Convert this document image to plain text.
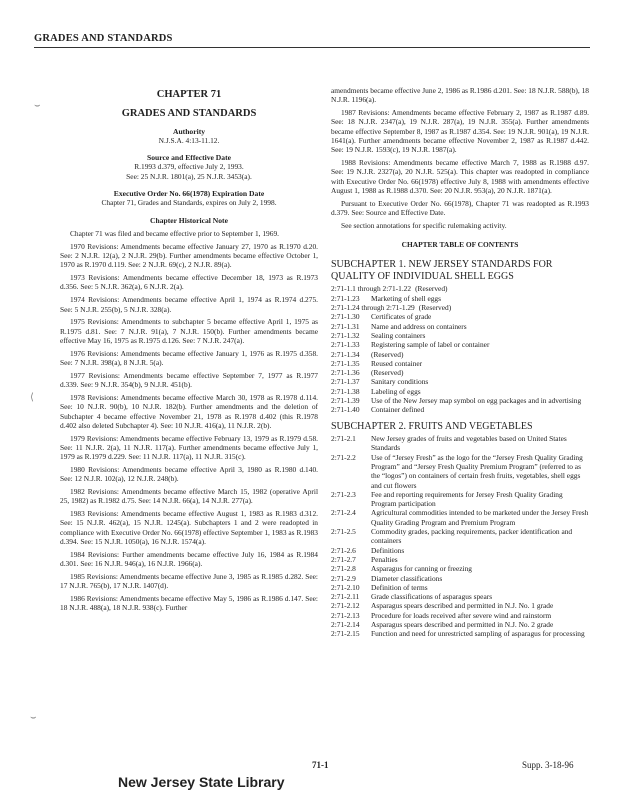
GRADES AND STANDARDS
⌣
⟨
⌣
CHAPTER 71
GRADES AND STANDARDS
Authority
N.J.S.A. 4:13-11.12.
Source and Effective Date
R.1993 d.379, effective July 2, 1993.
See: 25 N.J.R. 1801(a), 25 N.J.R. 3453(a).
Executive Order No. 66(1978) Expiration Date
Chapter 71, Grades and Standards, expires on July 2, 1998.
Chapter Historical Note
Chapter 71 was filed and became effective prior to September 1, 1969.
1970 Revisions: Amendments became effective January 27, 1970 as R.1970 d.20. See: 2 N.J.R. 12(a), 2 N.J.R. 29(b). Further amendments became effective October 1, 1970 as R.1970 d.119. See: 2 N.J.R. 69(c), 2 N.J.R. 89(a).
1973 Revisions: Amendments became effective December 18, 1973 as R.1973 d.356. See: 5 N.J.R. 362(a), 6 N.J.R. 2(a).
1974 Revisions: Amendments became effective April 1, 1974 as R.1974 d.275. See: 5 N.J.R. 255(b), 5 N.J.R. 328(a).
1975 Revisions: Amendments to subchapter 5 became effective April 1, 1975 as R.1975 d.81. See: 7 N.J.R. 91(a), 7 N.J.R. 150(b). Further amendments became effective May 16, 1975 as R.1975 d.126. See: 7 N.J.R. 247(a).
1976 Revisions: Amendments became effective January 1, 1976 as R.1975 d.358. See: 7 N.J.R. 398(a), 8 N.J.R. 5(a).
1977 Revisions: Amendments became effective September 7, 1977 as R.1977 d.339. See: 9 N.J.R. 354(b), 9 N.J.R. 451(b).
1978 Revisions: Amendments became effective March 30, 1978 as R.1978 d.114. See: 10 N.J.R. 90(b), 10 N.J.R. 182(b). Further amendments and the deletion of Subchapter 4 became effective November 21, 1978 as R.1978 d.402 (this R.1978 d.402 also deleted Subchapter 4). See: 10 N.J.R. 416(a), 11 N.J.R. 2(b).
1979 Revisions: Amendments became effective February 13, 1979 as R.1979 d.58. See: 11 N.J.R. 2(a), 11 N.J.R. 117(a). Further amendments became effective July 1, 1979 as R.1979 d.229. See: 11 N.J.R. 117(a), 11 N.J.R. 315(c).
1980 Revisions: Amendments became effective April 3, 1980 as R.1980 d.140. See: 12 N.J.R. 102(a), 12 N.J.R. 248(b).
1982 Revisions: Amendments became effective March 15, 1982 (operative April 25, 1982) as R.1982 d.75. See: 14 N.J.R. 66(a), 14 N.J.R. 277(a).
1983 Revisions: Amendments became effective August 1, 1983 as R.1983 d.312. See: 15 N.J.R. 462(a), 15 N.J.R. 1245(a). Subchapters 1 and 2 were readopted in compliance with Executive Order No. 66(1978) effective September 1, 1983 as R.1983 d.394. See: 15 N.J.R. 1050(a), 16 N.J.R. 1574(a).
1984 Revisions: Further amendments became effective July 16, 1984 as R.1984 d.301. See: 16 N.J.R. 946(a), 16 N.J.R. 1966(a).
1985 Revisions: Amendments became effective June 3, 1985 as R.1985 d.282. See: 17 N.J.R. 765(b), 17 N.J.R. 1407(d).
1986 Revisions: Amendments became effective May 5, 1986 as R.1986 d.147. See: 18 N.J.R. 488(a), 18 N.J.R. 938(c). Further
amendments became effective June 2, 1986 as R.1986 d.201. See: 18 N.J.R. 588(b), 18 N.J.R. 1196(a).
1987 Revisions: Amendments became effective February 2, 1987 as R.1987 d.89. See: 18 N.J.R. 2347(a), 19 N.J.R. 287(a), 19 N.J.R. 355(a). Further amendments became effective September 8, 1987 as R.1987 d.354. See: 19 N.J.R. 901(a), 19 N.J.R. 1641(a). Further amendments became effective November 2, 1987 as R.1987 d.442. See: 19 N.J.R. 1593(c), 19 N.J.R. 1987(a).
1988 Revisions: Amendments became effective March 7, 1988 as R.1988 d.97. See: 19 N.J.R. 2327(a), 20 N.J.R. 525(a). This chapter was readopted in compliance with Executive Order No. 66(1978) effective July 8, 1988 with amendments effective August 1, 1988 as R.1988 d.370. See: 20 N.J.R. 953(a), 20 N.J.R. 1871(a).
Pursuant to Executive Order No. 66(1978), Chapter 71 was readopted as R.1993 d.379. See: Source and Effective Date.
See section annotations for specific rulemaking activity.
CHAPTER TABLE OF CONTENTS
SUBCHAPTER 1. NEW JERSEY STANDARDS FOR QUALITY OF INDIVIDUAL SHELL EGGS
2:71-1.1 through 2:71-1.22 (Reserved)
2:71-1.23	Marketing of shell eggs
2:71-1.24 through 2:71-1.29 (Reserved)
2:71-1.30	Certificates of grade
2:71-1.31	Name and address on containers
2:71-1.32	Sealing containers
2:71-1.33	Registering sample of label or container
2:71-1.34	(Reserved)
2:71-1.35	Reused container
2:71-1.36	(Reserved)
2:71-1.37	Sanitary conditions
2:71-1.38	Labeling of eggs
2:71-1.39	Use of the New Jersey map symbol on egg packages and in advertising
2:71-1.40	Container defined
SUBCHAPTER 2. FRUITS AND VEGETABLES
2:71-2.1	New Jersey grades of fruits and vegetables based on United States Standards
2:71-2.2	Use of “Jersey Fresh” as the logo for the “Jersey Fresh Quality Grading Program” and “Jersey Fresh Quality Premium Program” (referred to as the “logos”) on containers of certain fresh fruits, vegetables, shell eggs and cut flowers
2:71-2.3	Fee and reporting requirements for Jersey Fresh Quality Grading Program participation
2:71-2.4	Agricultural commodities intended to be marketed under the Jersey Fresh Quality Grading Program and Premium Program
2:71-2.5	Commodity grades, packing requirements, packer identification and containers
2:71-2.6	Definitions
2:71-2.7	Penalties
2:71-2.8	Asparagus for canning or freezing
2:71-2.9	Diameter classifications
2:71-2.10	Definition of terms
2:71-2.11	Grade classifications of asparagus spears
2:71-2.12	Asparagus spears described and permitted in N.J. No. 1 grade
2:71-2.13	Procedure for loads received after severe wind and rainstorm
2:71-2.14	Asparagus spears described and permitted in N.J. No. 2 grade
2:71-2.15	Function and need for unrestricted sampling of asparagus for processing
71-1	Supp. 3-18-96
New Jersey State Library
